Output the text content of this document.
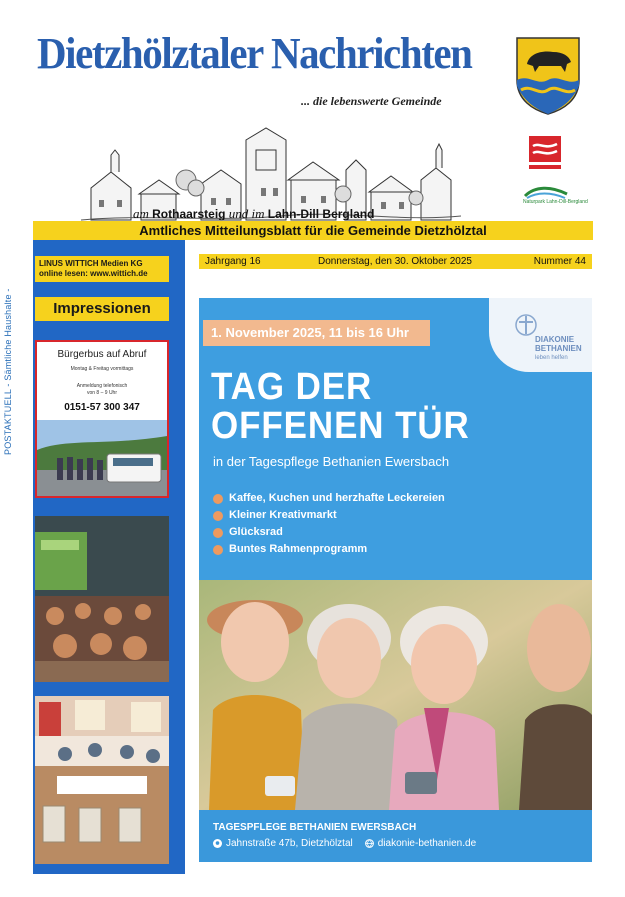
POSTAKTUELL - Sämtliche Haushalte -
Dietzhölztaler Nachrichten
... die lebenswerte Gemeinde
am Rothaarsteig und im Lahn-Dill Bergland
Naturpark Lahn-Dill-Bergland
Amtliches Mitteilungsblatt für die Gemeinde Dietzhölztal
LINUS WITTICH Medien KG
online lesen: www.wittich.de
Impressionen
Bürgerbus auf Abruf
Montag & Freitag vormittags
Anmeldung telefonisch
von 8 – 9 Uhr
0151-57 300 347
Jahrgang 16	Donnerstag, den 30. Oktober 2025	Nummer 44
1. November 2025, 11 bis 16 Uhr	DIAKONIE
BETHANIEN
leben helfen
TAG DER
OFFENEN TÜR
in der Tagespflege Bethanien Ewersbach
Kaffee, Kuchen und herzhafte Leckereien
Kleiner Kreativmarkt
Glücksrad
Buntes Rahmenprogramm
TAGESPFLEGE BETHANIEN EWERSBACH
Jahnstraße 47b, Dietzhölztal	diakonie-bethanien.de
